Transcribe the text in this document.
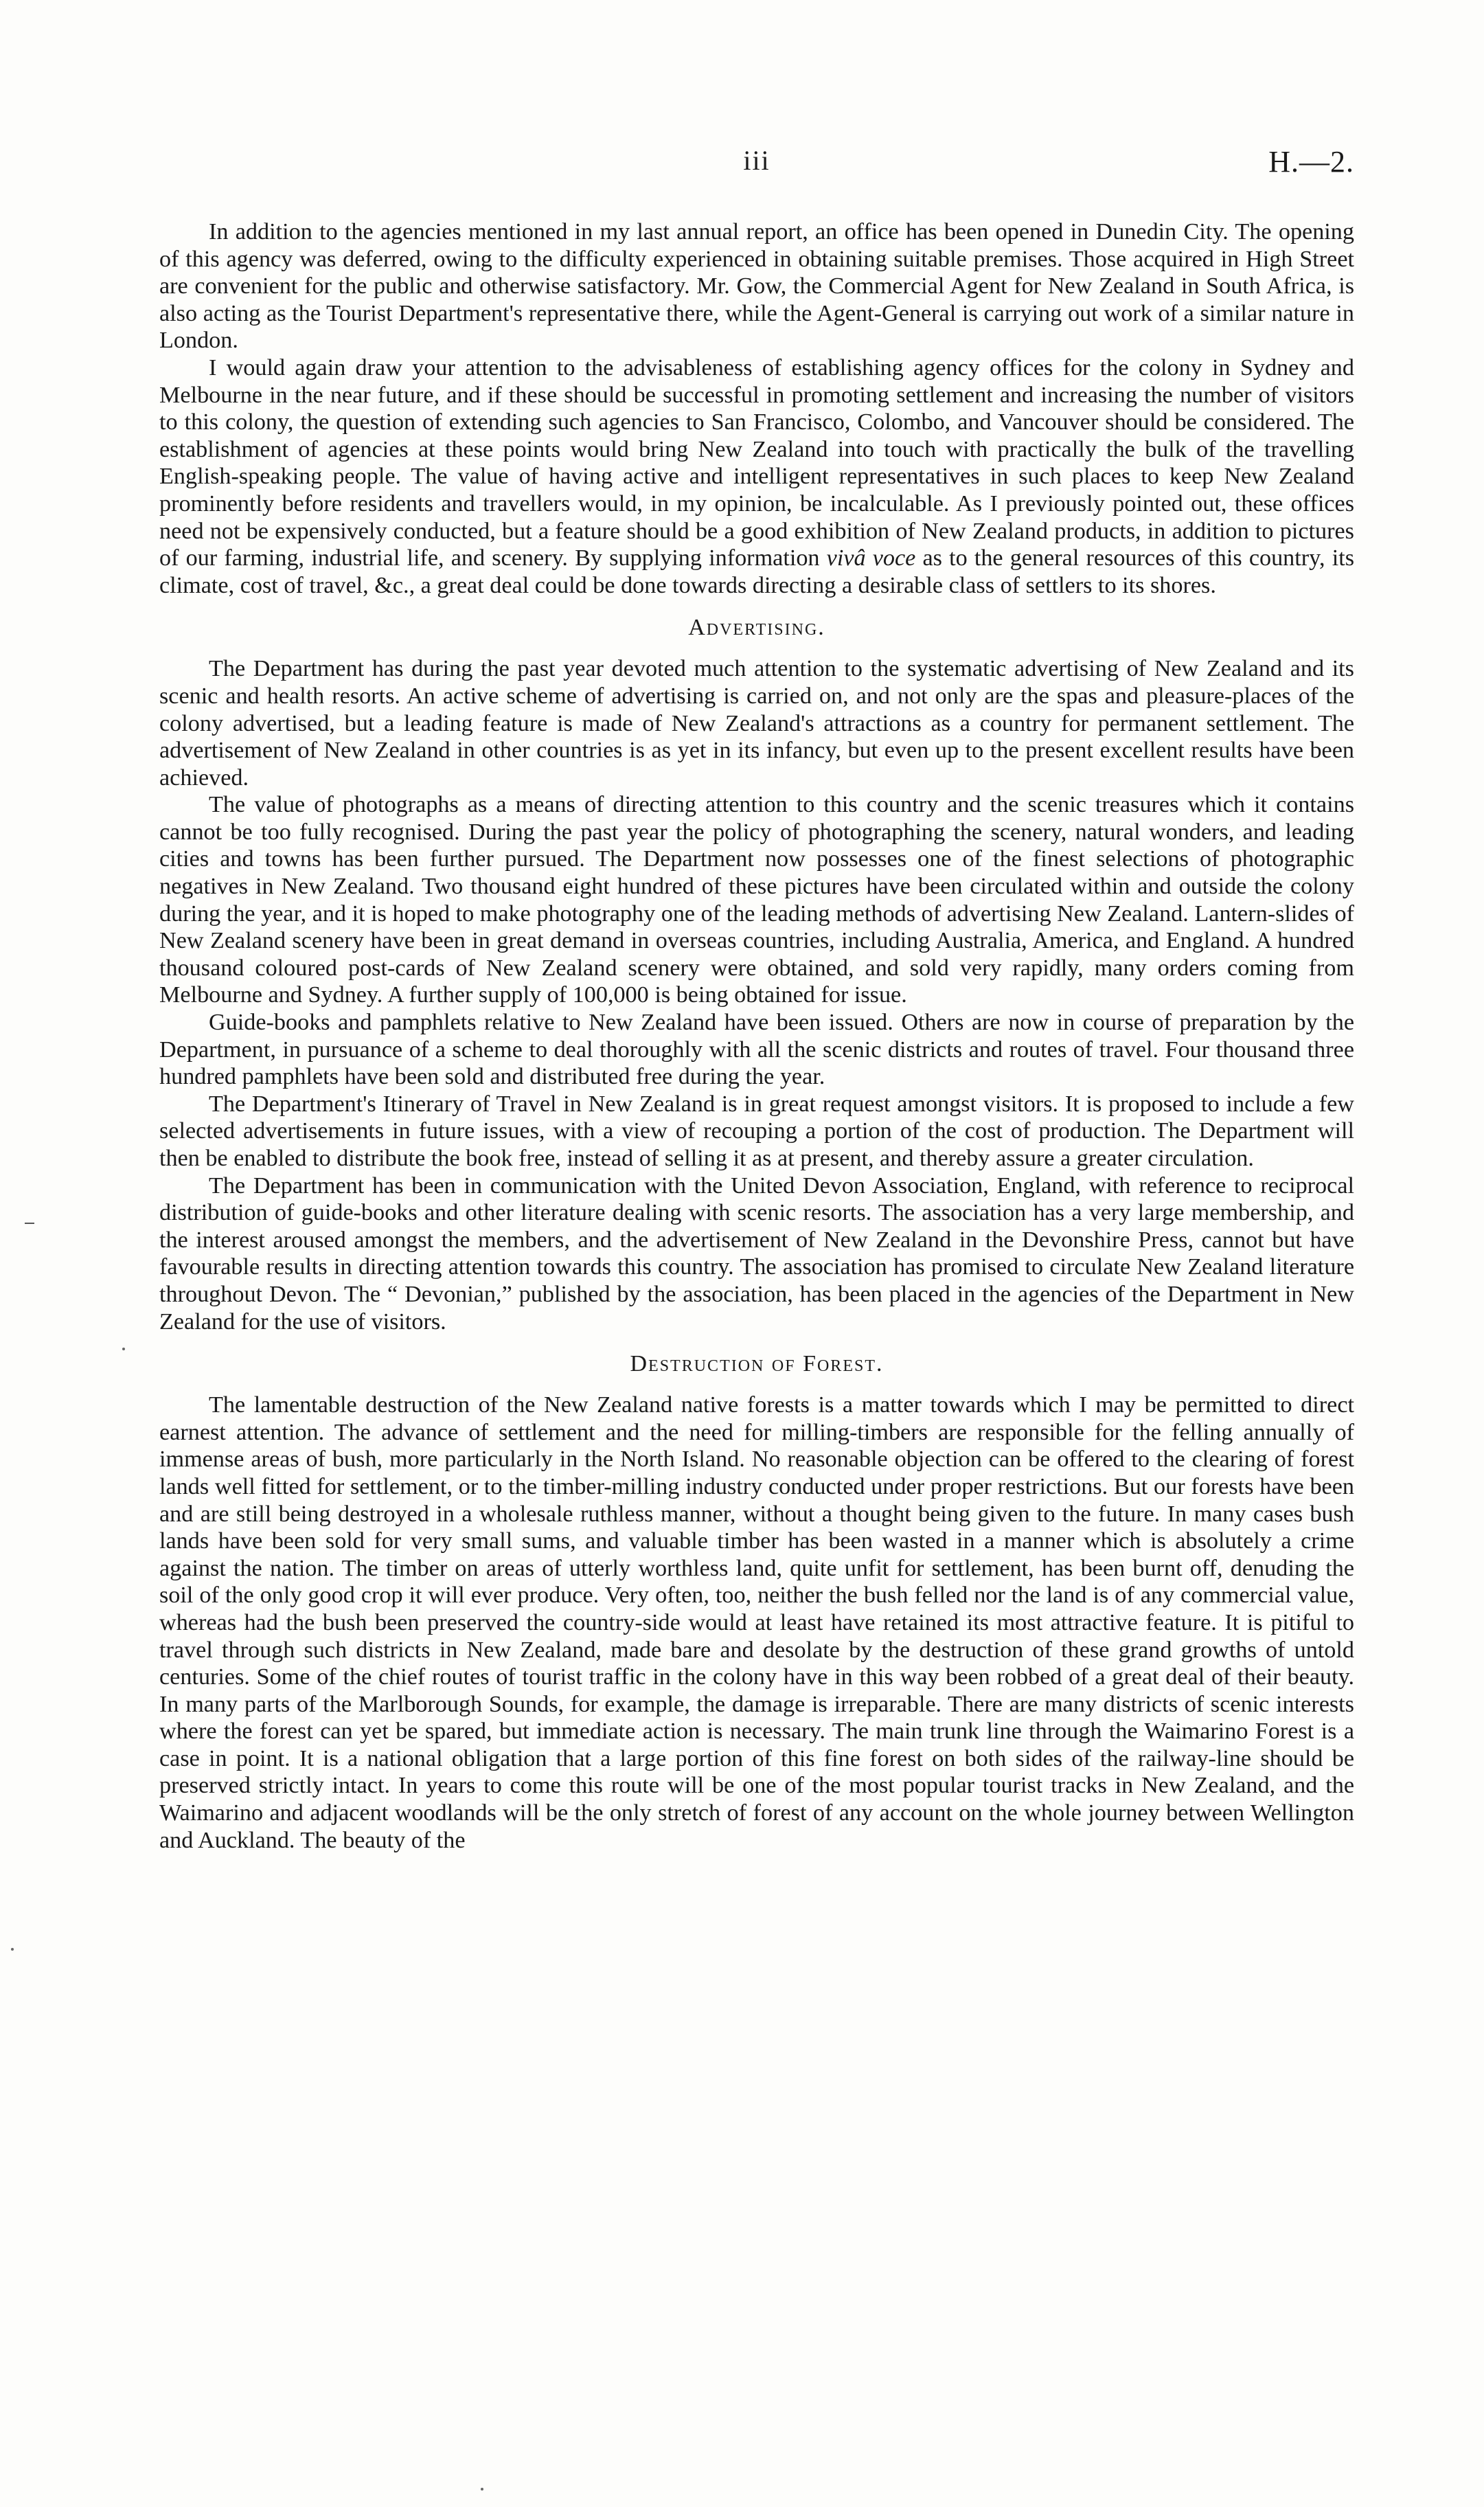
iii	H.—2.

In addition to the agencies mentioned in my last annual report, an office has been opened in Dunedin City. The opening of this agency was deferred, owing to the difficulty experienced in obtaining suitable premises. Those acquired in High Street are convenient for the public and otherwise satisfactory. Mr. Gow, the Commercial Agent for New Zealand in South Africa, is also acting as the Tourist Department's representative there, while the Agent-General is carrying out work of a similar nature in London.

I would again draw your attention to the advisableness of establishing agency offices for the colony in Sydney and Melbourne in the near future, and if these should be successful in promoting settlement and increasing the number of visitors to this colony, the question of extending such agencies to San Francisco, Colombo, and Vancouver should be considered. The establishment of agencies at these points would bring New Zealand into touch with practically the bulk of the travelling English-speaking people. The value of having active and intelligent representatives in such places to keep New Zealand prominently before residents and travellers would, in my opinion, be incalculable. As I previously pointed out, these offices need not be expensively conducted, but a feature should be a good exhibition of New Zealand products, in addition to pictures of our farming, industrial life, and scenery. By supplying information vivâ voce as to the general resources of this country, its climate, cost of travel, &c., a great deal could be done towards directing a desirable class of settlers to its shores.

Advertising.

The Department has during the past year devoted much attention to the systematic advertising of New Zealand and its scenic and health resorts. An active scheme of advertising is carried on, and not only are the spas and pleasure-places of the colony advertised, but a leading feature is made of New Zealand's attractions as a country for permanent settlement. The advertisement of New Zealand in other countries is as yet in its infancy, but even up to the present excellent results have been achieved.

The value of photographs as a means of directing attention to this country and the scenic treasures which it contains cannot be too fully recognised. During the past year the policy of photographing the scenery, natural wonders, and leading cities and towns has been further pursued. The Department now possesses one of the finest selections of photographic negatives in New Zealand. Two thousand eight hundred of these pictures have been circulated within and outside the colony during the year, and it is hoped to make photography one of the leading methods of advertising New Zealand. Lantern-slides of New Zealand scenery have been in great demand in overseas countries, including Australia, America, and England. A hundred thousand coloured post-cards of New Zealand scenery were obtained, and sold very rapidly, many orders coming from Melbourne and Sydney. A further supply of 100,000 is being obtained for issue.

Guide-books and pamphlets relative to New Zealand have been issued. Others are now in course of preparation by the Department, in pursuance of a scheme to deal thoroughly with all the scenic districts and routes of travel. Four thousand three hundred pamphlets have been sold and distributed free during the year.

The Department's Itinerary of Travel in New Zealand is in great request amongst visitors. It is proposed to include a few selected advertisements in future issues, with a view of recouping a portion of the cost of production. The Department will then be enabled to distribute the book free, instead of selling it as at present, and thereby assure a greater circulation.

The Department has been in communication with the United Devon Association, England, with reference to reciprocal distribution of guide-books and other literature dealing with scenic resorts. The association has a very large membership, and the interest aroused amongst the members, and the advertisement of New Zealand in the Devonshire Press, cannot but have favourable results in directing attention towards this country. The association has promised to circulate New Zealand literature throughout Devon. The “ Devonian,” published by the association, has been placed in the agencies of the Department in New Zealand for the use of visitors.

Destruction of Forest.

The lamentable destruction of the New Zealand native forests is a matter towards which I may be permitted to direct earnest attention. The advance of settlement and the need for milling-timbers are responsible for the felling annually of immense areas of bush, more particularly in the North Island. No reasonable objection can be offered to the clearing of forest lands well fitted for settlement, or to the timber-milling industry conducted under proper restrictions. But our forests have been and are still being destroyed in a wholesale ruthless manner, without a thought being given to the future. In many cases bush lands have been sold for very small sums, and valuable timber has been wasted in a manner which is absolutely a crime against the nation. The timber on areas of utterly worthless land, quite unfit for settlement, has been burnt off, denuding the soil of the only good crop it will ever produce. Very often, too, neither the bush felled nor the land is of any commercial value, whereas had the bush been preserved the country-side would at least have retained its most attractive feature. It is pitiful to travel through such districts in New Zealand, made bare and desolate by the destruction of these grand growths of untold centuries. Some of the chief routes of tourist traffic in the colony have in this way been robbed of a great deal of their beauty. In many parts of the Marlborough Sounds, for example, the damage is irreparable. There are many districts of scenic interests where the forest can yet be spared, but immediate action is necessary. The main trunk line through the Waimarino Forest is a case in point. It is a national obligation that a large portion of this fine forest on both sides of the railway-line should be preserved strictly intact. In years to come this route will be one of the most popular tourist tracks in New Zealand, and the Waimarino and adjacent woodlands will be the only stretch of forest of any account on the whole journey between Wellington and Auckland. The beauty of the
